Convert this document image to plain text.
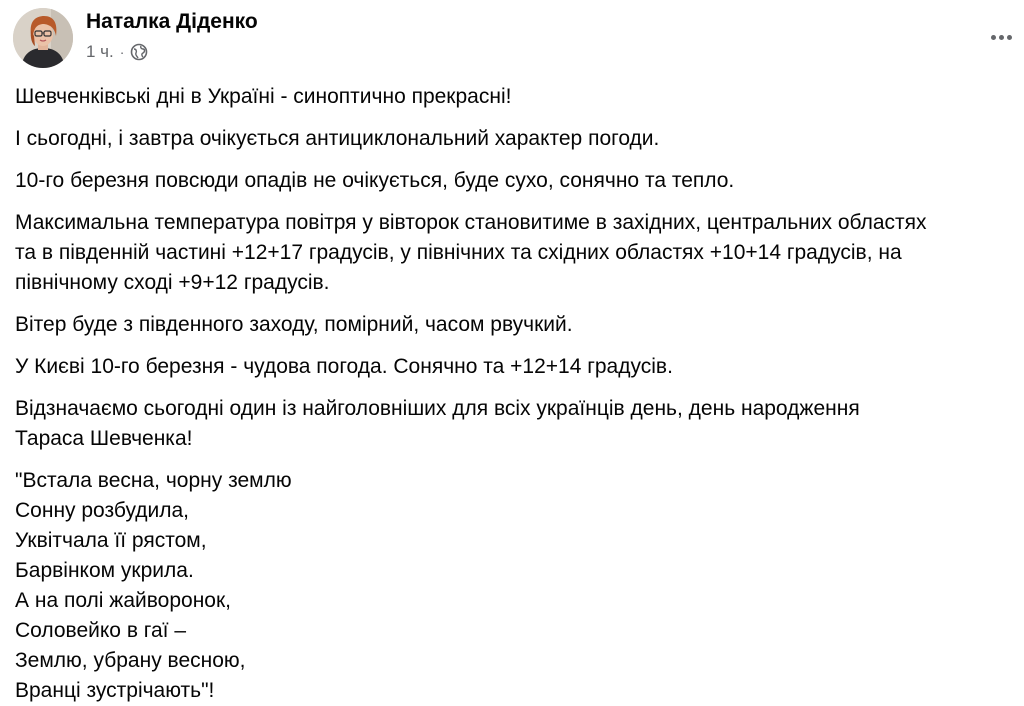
Наталка Діденко
1 ч. ·

Шевченківські дні в Україні - синоптично прекрасні!

І сьогодні, і завтра очікується антициклональний характер погоди.

10-го березня повсюди опадів не очікується, буде сухо, сонячно та тепло.

Максимальна температура повітря у вівторок становитиме в західних, центральних областях
та в південній частині +12+17 градусів, у північних та східних областях +10+14 градусів, на
північному сході +9+12 градусів.

Вітер буде з південного заходу, помірний, часом рвучкий.

У Києві 10-го березня - чудова погода. Сонячно та +12+14 градусів.

Відзначаємо сьогодні один із найголовніших для всіх українців день, день народження
Тараса Шевченка!

"Встала весна, чорну землю
Сонну розбудила,
Уквітчала її рястом,
Барвінком укрила.
А на полі жайворонок,
Соловейко в гаї –
Землю, убрану весною,
Вранці зустрічають"!
